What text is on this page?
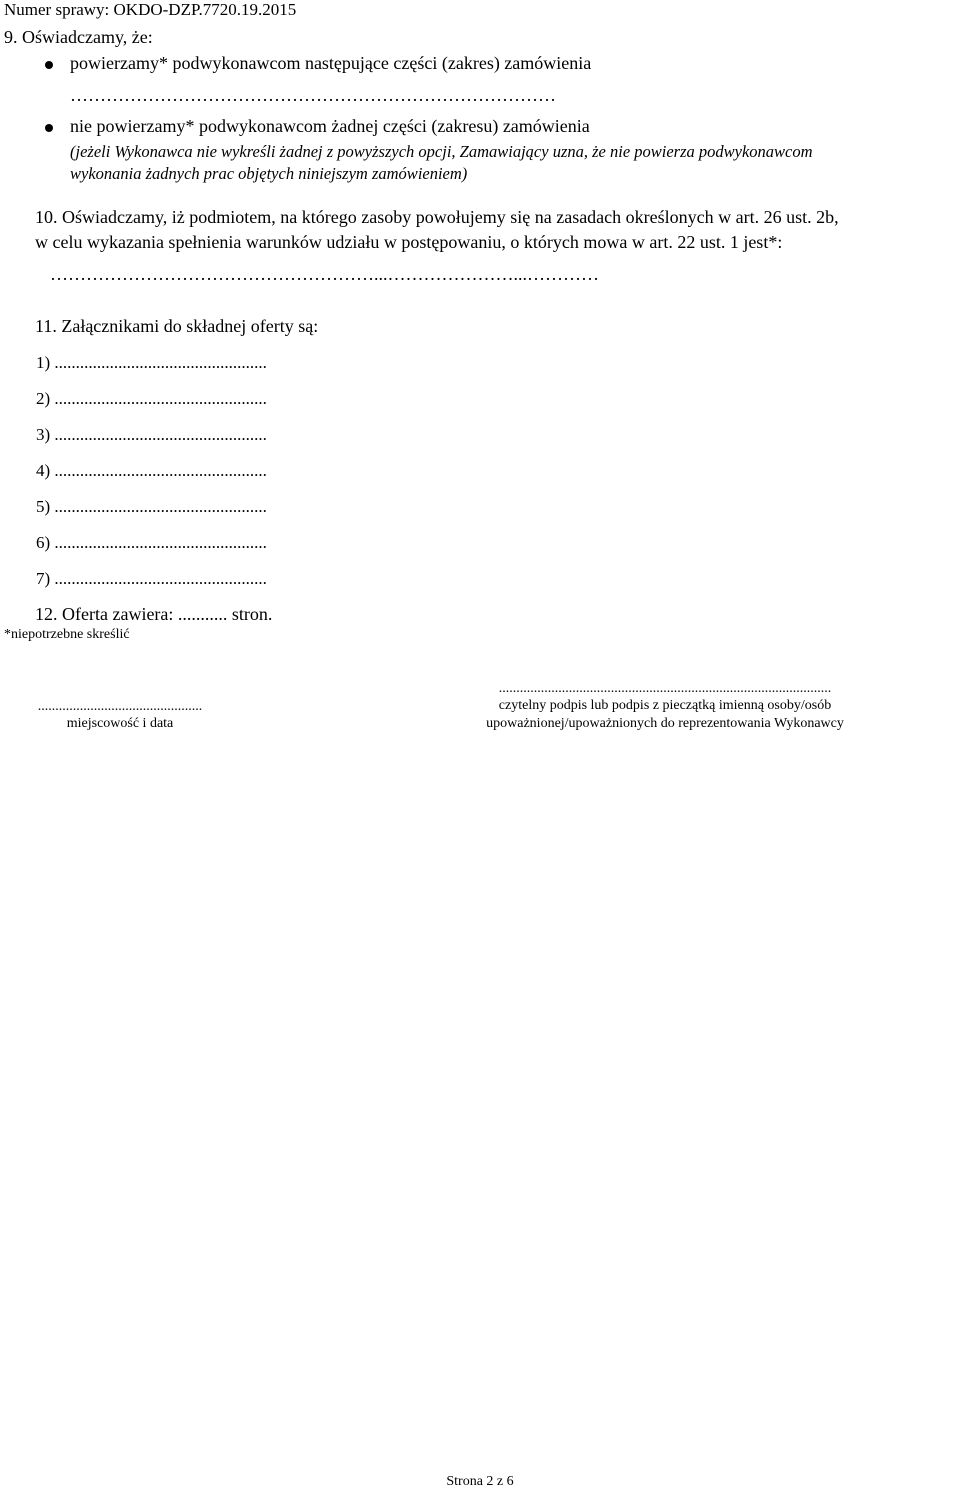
Numer sprawy: OKDO-DZP.7720.19.2015
9. Oświadczamy, że:
powierzamy* podwykonawcom następujące części (zakres) zamówienia
………………………………………………………………………
nie powierzamy* podwykonawcom żadnej części (zakresu) zamówienia
(jeżeli Wykonawca nie wykreśli żadnej z powyższych opcji, Zamawiający uzna, że nie powierza podwykonawcom
wykonania żadnych prac objętych niniejszym zamówieniem)
10. Oświadczamy, iż podmiotem, na którego zasoby powołujemy się na zasadach określonych w art. 26 ust. 2b,
w celu wykazania spełnienia warunków udziału w postępowaniu, o których mowa w art. 22 ust. 1 jest*:
………………………………………………...…………………...…………
11. Załącznikami do składnej oferty są:
1) ..................................................
2) ..................................................
3) ..................................................
4) ..................................................
5) ..................................................
6) ..................................................
7) ..................................................
12. Oferta zawiera: ........... stron.
*niepotrzebne skreślić
...............................................
miejscowość i data
...............................................................................................
czytelny podpis lub podpis z pieczątką imienną osoby/osób
upoważnionej/upoważnionych do reprezentowania Wykonawcy
Strona 2 z 6
